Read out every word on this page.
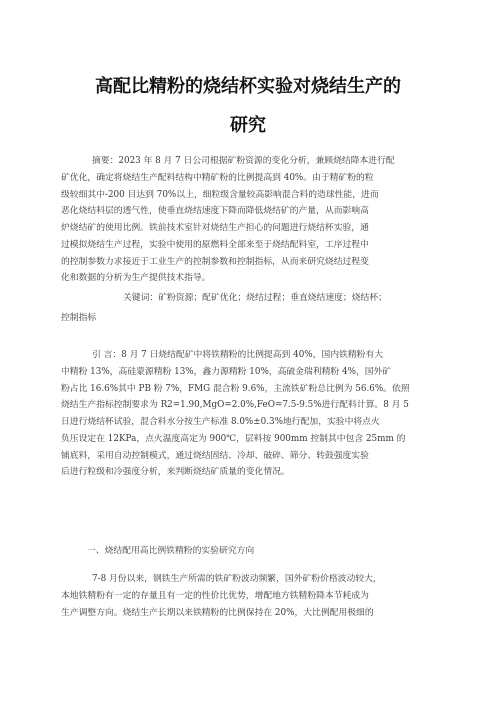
高配比精粉的烧结杯实验对烧结生产的
研究
摘要：2023 年 8 月 7 日公司根据矿粉资源的变化分析，兼顾烧结降本进行配
矿优化，确定将烧结生产配料结构中精矿粉的比例提高到 40%。由于精矿粉的粒
级较细其中-200 目达到 70%以上，细粒级含量较高影响混合料的造球性能，进而
恶化烧结料层的透气性，使垂直烧结速度下降而降低烧结矿的产量，从而影响高
炉烧结矿的使用比例。铁前技术室针对烧结生产担心的问题进行烧结杯实验，通
过模拟烧结生产过程，实验中使用的原燃料全部来至于烧结配料室，工序过程中
的控制参数力求接近于工业生产的控制参数和控制指标，从而来研究烧结过程变
化和数据的分析为生产提供技术指导。
关键词：矿粉资源；配矿优化；烧结过程；垂直烧结速度；烧结杯；
控制指标
引 言：8 月 7 日烧结配矿中将铁精粉的比例提高到 40%，国内铁精粉有大
中精粉 13%，高硅蒙源精粉 13%，鑫力源精粉 10%，高硫金瑞利精粉 4%，国外矿
粉占比 16.6%其中 PB 粉 7%，FMG 混合粉 9.6%，主流铁矿粉总比例为 56.6%。依照
烧结生产指标控制要求为 R2=1.90,MgO=2.0%,FeO=7.5-9.5%进行配料计算。8 月 5
日进行烧结杯试验，混合料水分按生产标准 8.0%±0.3%地行配加，实验中将点火
负压设定在 12KPa，点火温度高定为 900℃，层料按 900mm 控制其中包含 25mm 的
铺底料，采用自动控制模式，通过烧结固结、冷却、破碎、筛分、转鼓强度实验
后进行粒级和冷强度分析，来判断烧结矿质量的变化情况。
一、烧结配用高比例铁精粉的实验研究方向
7-8 月份以来，钢铁生产所需的铁矿粉波动频繁，国外矿粉价格波动较大，
本地铁精粉有一定的存量且有一定的性价比优势，增配地方铁精粉降本节耗成为
生产调整方向。烧结生产长期以来铁精粉的比例保持在 20%，大比例配用极细的
